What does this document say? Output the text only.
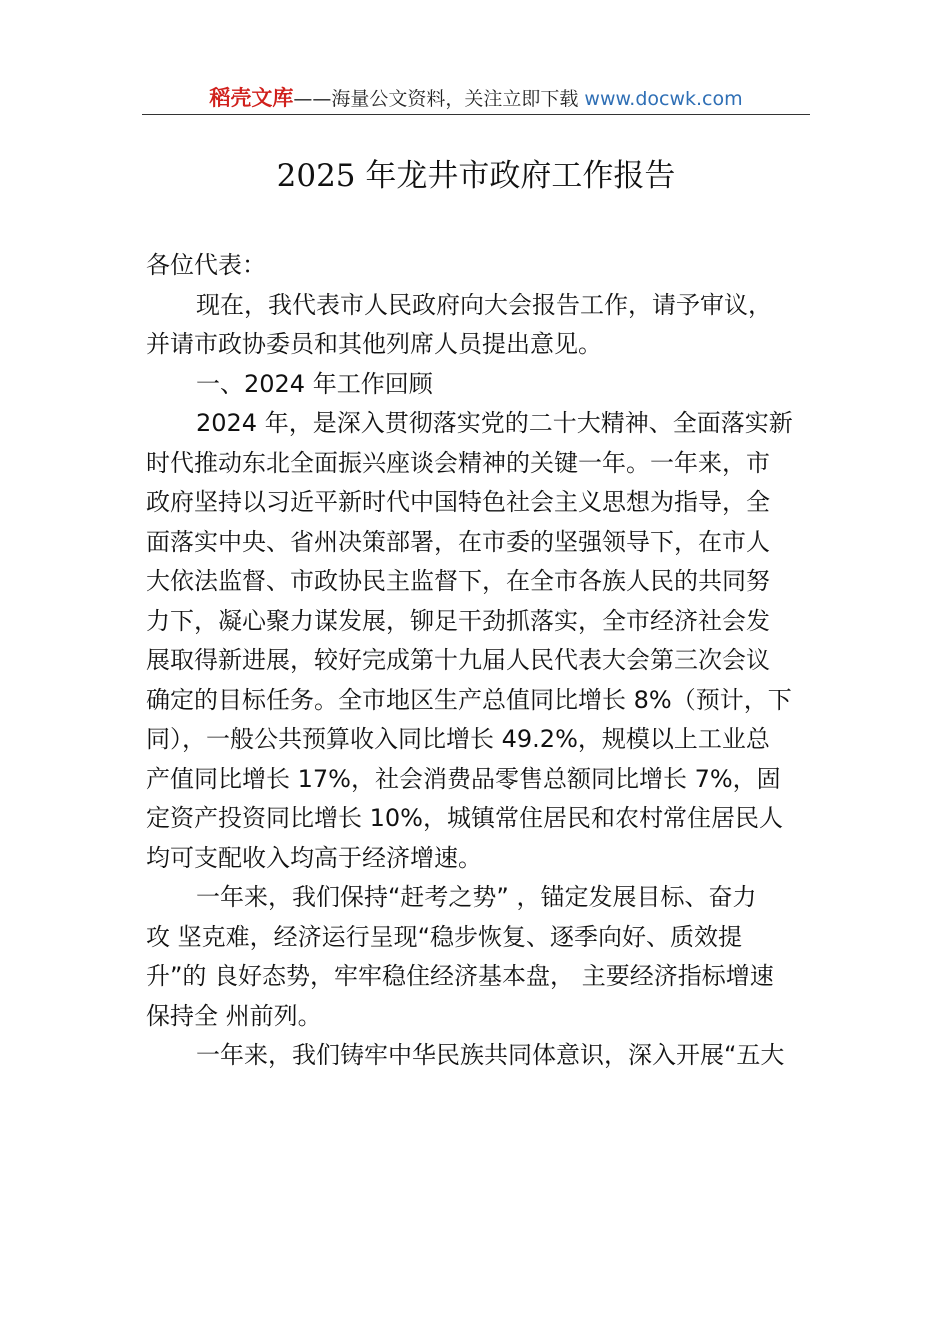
稻壳文库——海量公文资料，关注立即下载 www.docwk.com
2025 年龙井市政府工作报告
各位代表：
现在，我代表市人民政府向大会报告工作，请予审议，
并请市政协委员和其他列席人员提出意见。
一、2024 年工作回顾
2024 年，是深入贯彻落实党的二十大精神、全面落实新
时代推动东北全面振兴座谈会精神的关键一年。一年来，市
政府坚持以习近平新时代中国特色社会主义思想为指导，全
面落实中央、省州决策部署，在市委的坚强领导下，在市人
大依法监督、市政协民主监督下，在全市各族人民的共同努
力下，凝心聚力谋发展，铆足干劲抓落实，全市经济社会发
展取得新进展，较好完成第十九届人民代表大会第三次会议
确定的目标任务。全市地区生产总值同比增长 8%（预计，下
同），一般公共预算收入同比增长 49.2%，规模以上工业总
产值同比增长 17%，社会消费品零售总额同比增长 7%，固
定资产投资同比增长 10%，城镇常住居民和农村常住居民人
均可支配收入均高于经济增速。
一年来，我们保持“赶考之势” ，锚定发展目标、奋力
攻 坚克难，经济运行呈现“稳步恢复、逐季向好、质效提
升”的 良好态势，牢牢稳住经济基本盘， 主要经济指标增速
保持全 州前列。
一年来，我们铸牢中华民族共同体意识，深入开展“五大
